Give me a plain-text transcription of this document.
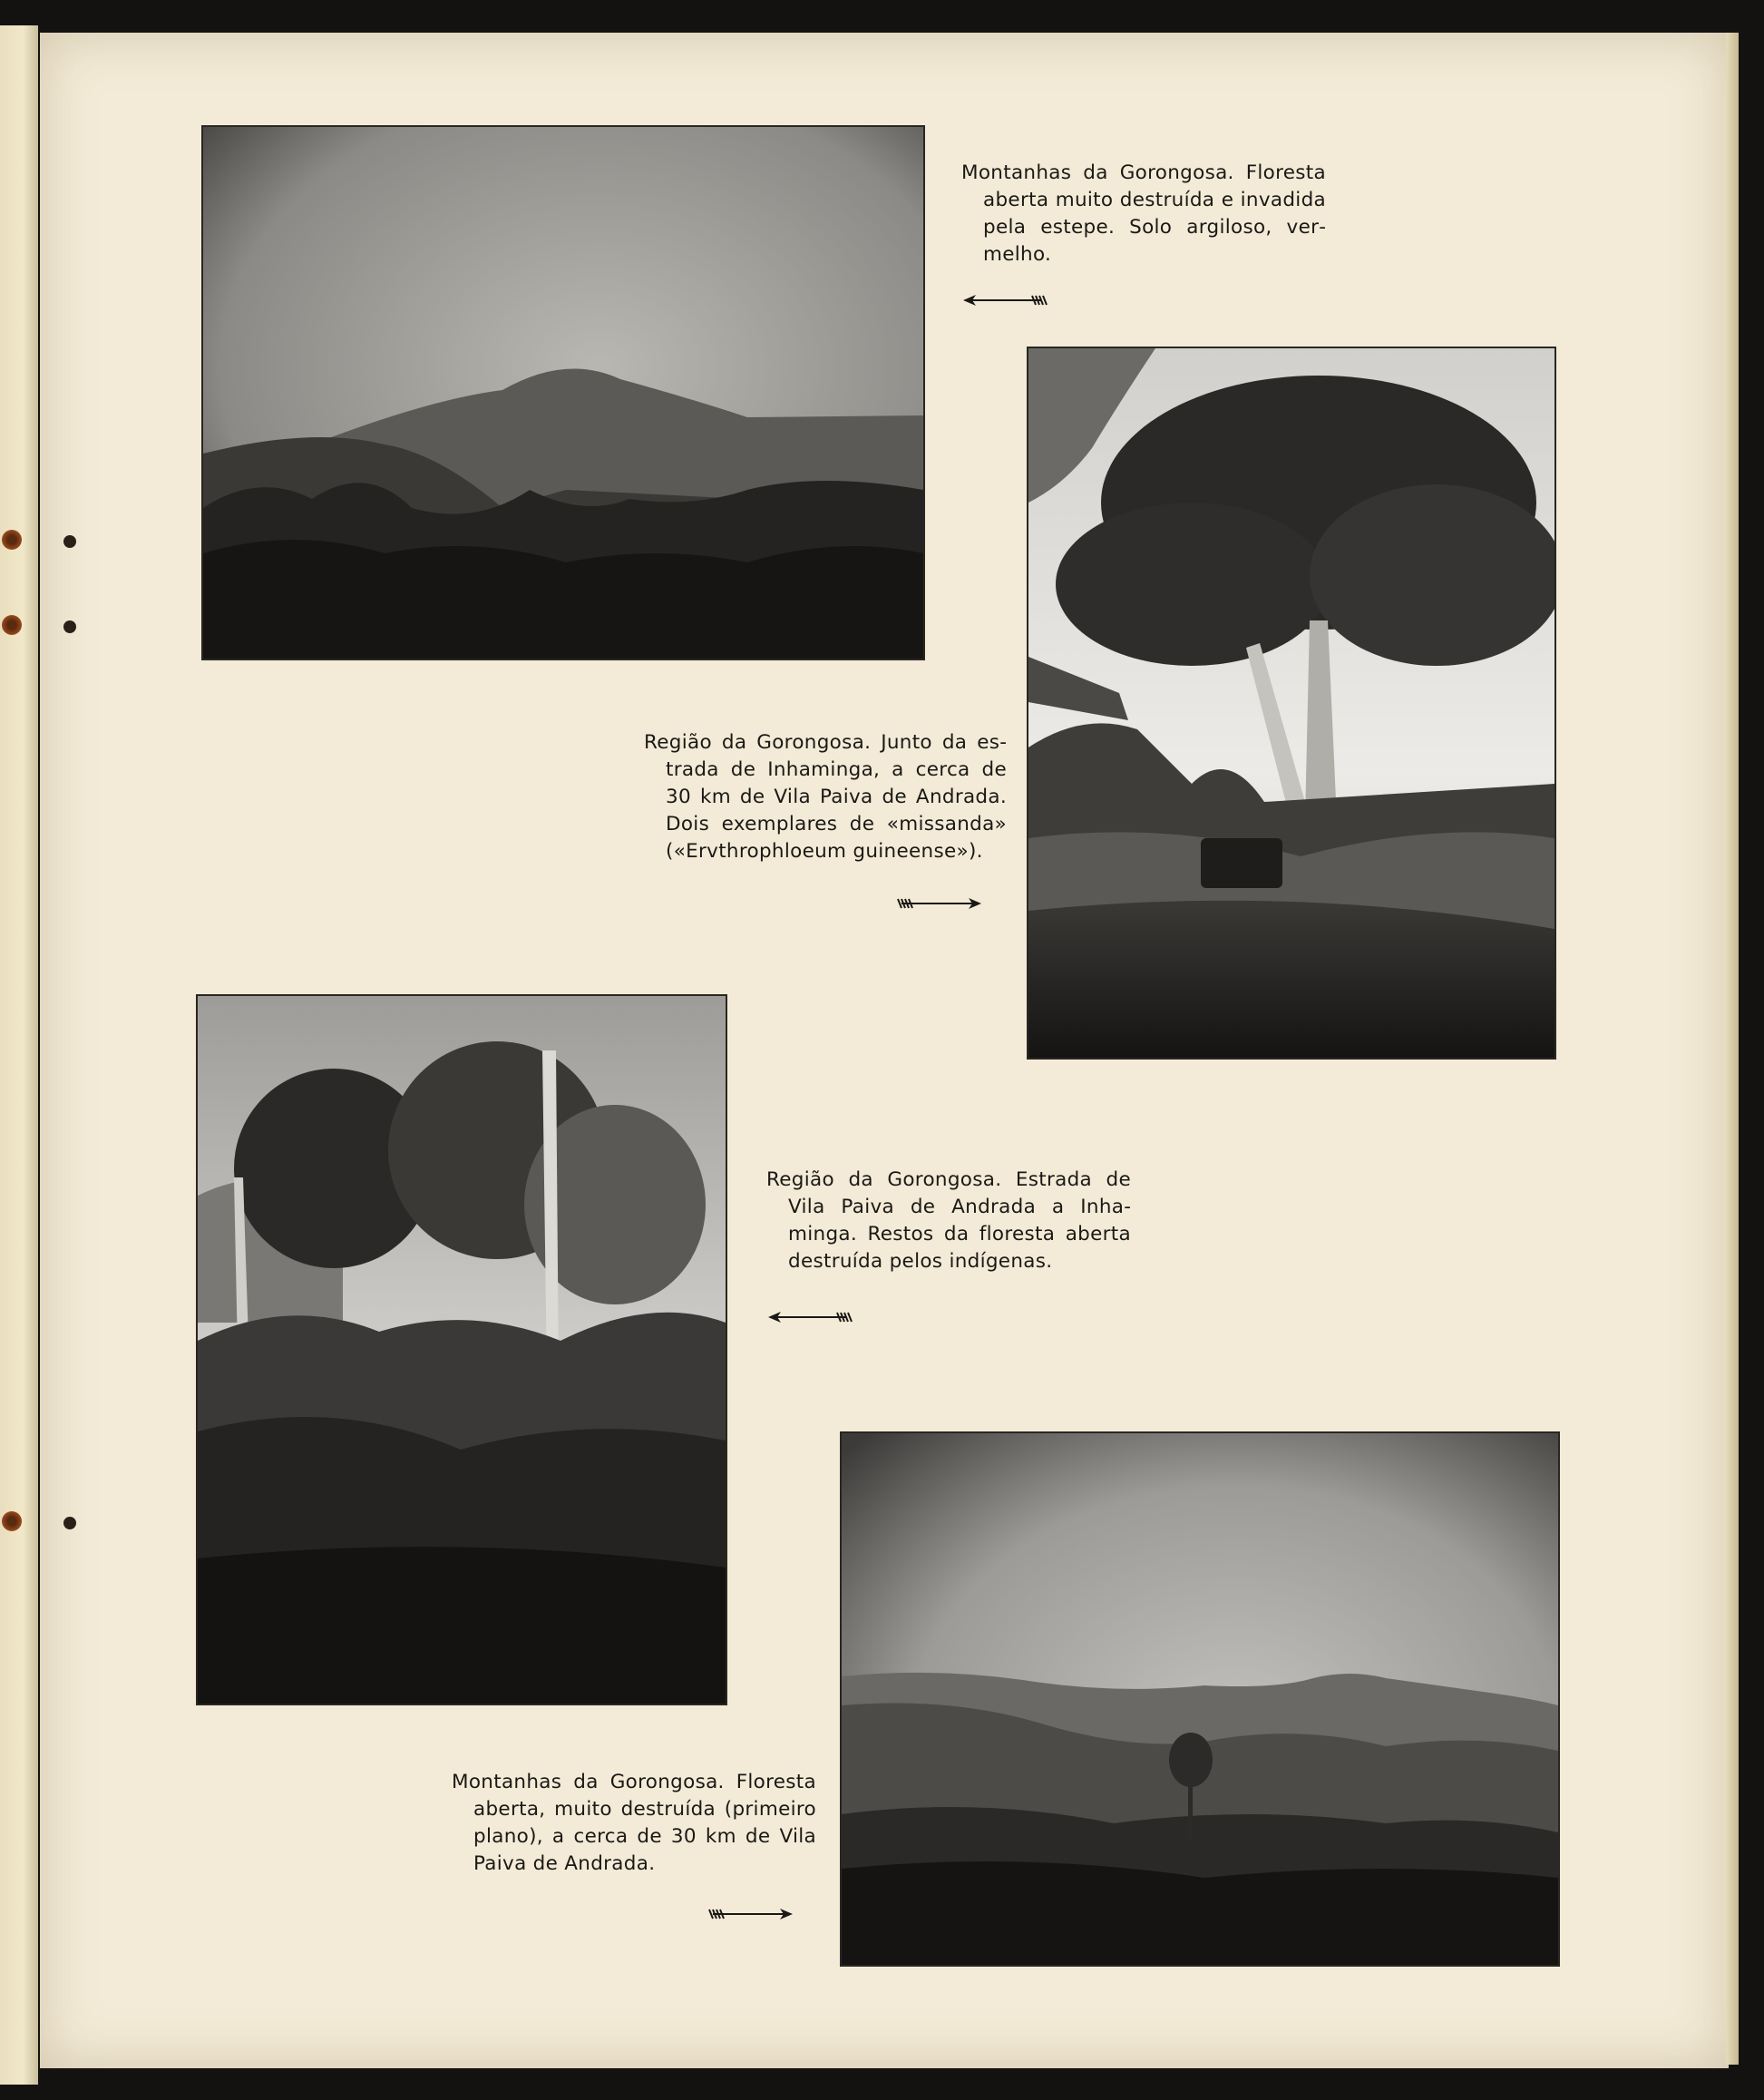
Montanhas da Gorongosa. Floresta aberta muito destruída e invadida pela estepe. Solo argiloso, vermelho.

Região da Gorongosa. Junto da estrada de Inhaminga, a cerca de 30 km de Vila Paiva de Andrada. Dois exemplares de «missanda» («Ervthrophloeum guineense»).

Região da Gorongosa. Estrada de Vila Paiva de Andrada a Inhaminga. Restos da floresta aberta destruída pelos indígenas.

Montanhas da Gorongosa. Floresta aberta, muito destruída (primeiro plano), a cerca de 30 km de Vila Paiva de Andrada.
